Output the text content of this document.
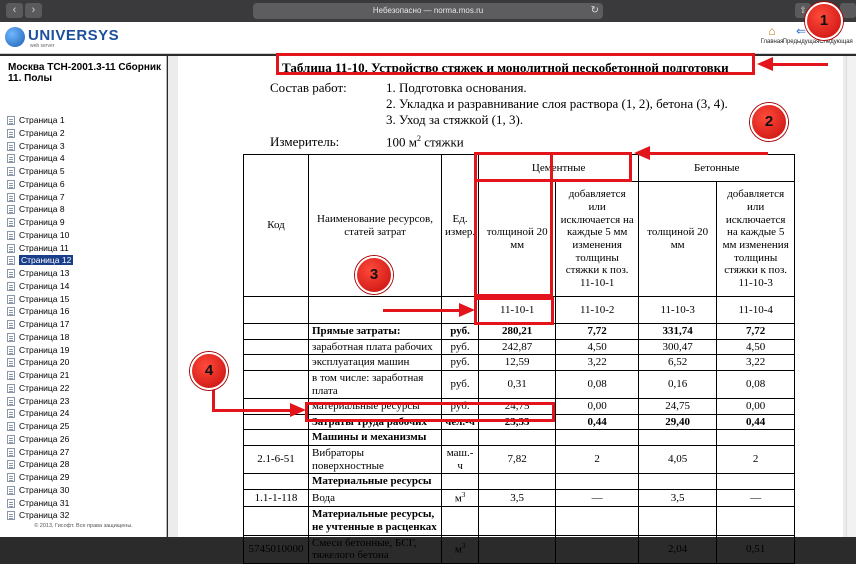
‹	›	Небезопасно — norma.mos.ru	↻	⇧
UNIVERSYS
web server
⌂
Главная
⇐
Предыдущая Следующая
Москва ТСН-2001.3-11 Сборник 11. Полы
Страница 1
Страница 2
Страница 3
Страница 4
Страница 5
Страница 6
Страница 7
Страница 8
Страница 9
Страница 10
Страница 11
Страница 12
Страница 13
Страница 14
Страница 15
Страница 16
Страница 17
Страница 18
Страница 19
Страница 20
Страница 21
Страница 22
Страница 23
Страница 24
Страница 25
Страница 26
Страница 27
Страница 28
Страница 29
Страница 30
Страница 31
Страница 32
© 2013, Гисофт. Все права защищены.
Таблица 11-10. Устройство стяжек и монолитной пескобетонной подготовки
Состав работ:	1. Подготовка основания.
2. Укладка и разравнивание слоя раствора (1, 2), бетона (3, 4).
3. Уход за стяжкой (1, 3).
Измеритель:	100 $м^2$ стяжки
Код	Наименование ресурсов, статей затрат	Ед. измер.	Цементные		Бетонные	
			толщиной 20 мм	добавляется или исключается на каждые 5 мм изменения толщины стяжки к поз. 11-10-1	толщиной 20 мм	добавляется или исключается на каждые 5 мм изменения толщины стяжки к поз. 11-10-3
			11-10-1	11-10-2	11-10-3	11-10-4
	Прямые затраты:	руб.	280,21	7,72	331,74	7,72
	заработная плата рабочих	руб.	242,87	4,50	300,47	4,50
	эксплуатация машин	руб.	12,59	3,22	6,52	3,22
	в том числе: заработная плата	руб.	0,31	0,08	0,16	0,08
	материальные ресурсы	руб.	24,75	0,00	24,75	0,00
	Затраты труда рабочих	чел.-ч	23,33	0,44	29,40	0,44
	Машины и механизмы					
2.1-6-51	Вибраторы поверхностные	маш.-ч	7,82	2	4,05	2
	Материальные ресурсы					
1.1-1-118	Вода	$м^3$	3,5	—	3,5	—
	Материальные ресурсы, не учтенные в расценках					
5745010000	Смеси бетонные, БСГ, тяжелого бетона	$м^3$			2,04	0,51
1
2
3
4
